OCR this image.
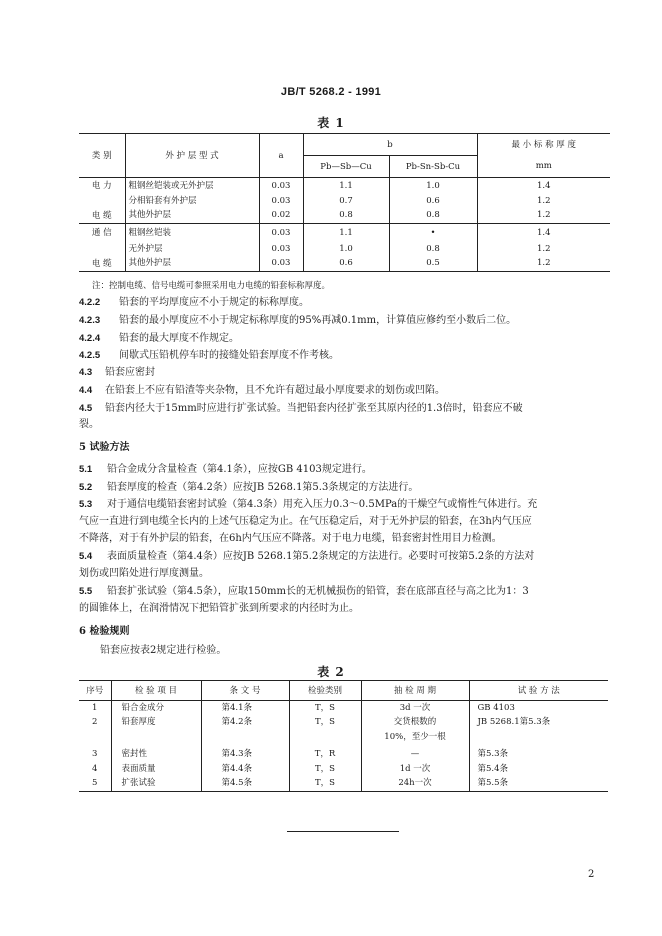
JB/T 5268.2 - 1991
表 1
类 别	外 护 层 型 式	a	b		最 小 标 称 厚 度
			Pb—Sb—Cu	Pb-Sn-Sb-Cu	mm
电 力	粗钢丝铠装或无外护层	0.03	1.1	1.0	1.4
	分相铅套有外护层	0.03	0.7	0.6	1.2
电 缆	其他外护层	0.02	0.8	0.8	1.2
通 信	粗钢丝铠装	0.03	1.1	•	1.4
	无外护层	0.03	1.0	0.8	1.2
电 缆	其他外护层	0.03	0.6	0.5	1.2
注：控制电缆、信号电缆可参照采用电力电缆的铅套标称厚度。
4.2.2 铅套的平均厚度应不小于规定的标称厚度。
4.2.3 铅套的最小厚度应不小于规定标称厚度的95%再减0.1mm，计算值应修约至小数后二位。
4.2.4 铅套的最大厚度不作规定。
4.2.5 间歇式压铅机停车时的接缝处铅套厚度不作考核。
4.3 铅套应密封
4.4 在铅套上不应有铅渣等夹杂物，且不允许有超过最小厚度要求的划伤或凹陷。
4.5 铅套内径大于15mm时应进行扩张试验。当把铅套内径扩张至其原内径的1.3倍时，铅套应不破
裂。
5 试验方法
5.1 铅合金成分含量检查（第4.1条），应按GB 4103规定进行。
5.2 铅套厚度的检查（第4.2条）应按JB 5268.1第5.3条规定的方法进行。
5.3 对于通信电缆铅套密封试验（第4.3条）用充入压力0.3～0.5MPa的干燥空气或惰性气体进行。充
气应一直进行到电缆全长内的上述气压稳定为止。在气压稳定后，对于无外护层的铅套，在3h内气压应
不降落，对于有外护层的铅套，在6h内气压应不降落。对于电力电缆，铅套密封性用目力检测。
5.4 表面质量检查（第4.4条）应按JB 5268.1第5.2条规定的方法进行。必要时可按第5.2条的方法对
划伤或凹陷处进行厚度测量。
5.5 铅套扩张试验（第4.5条），应取150mm长的无机械损伤的铅管，套在底部直径与高之比为1：3
的圆锥体上，在润滑情况下把铅管扩张到所要求的内径时为止。
6 检验规则
铅套应按表2规定进行检验。
表 2
序号	检 验 项 目	条 文 号	检验类别	抽 检 周 期	试 验 方 法
1	铅合金成分	第4.1条	T，S	3d 一次	GB 4103
2	铅套厚度	第4.2条	T，S	交货根数的	JB 5268.1第5.3条
				10%，至少一根	
3	密封性	第4.3条	T，R	—	第5.3条
4	表面质量	第4.4条	T，S	1d 一次	第5.4条
5	扩张试验	第4.5条	T，S	24h一次	第5.5条
2
